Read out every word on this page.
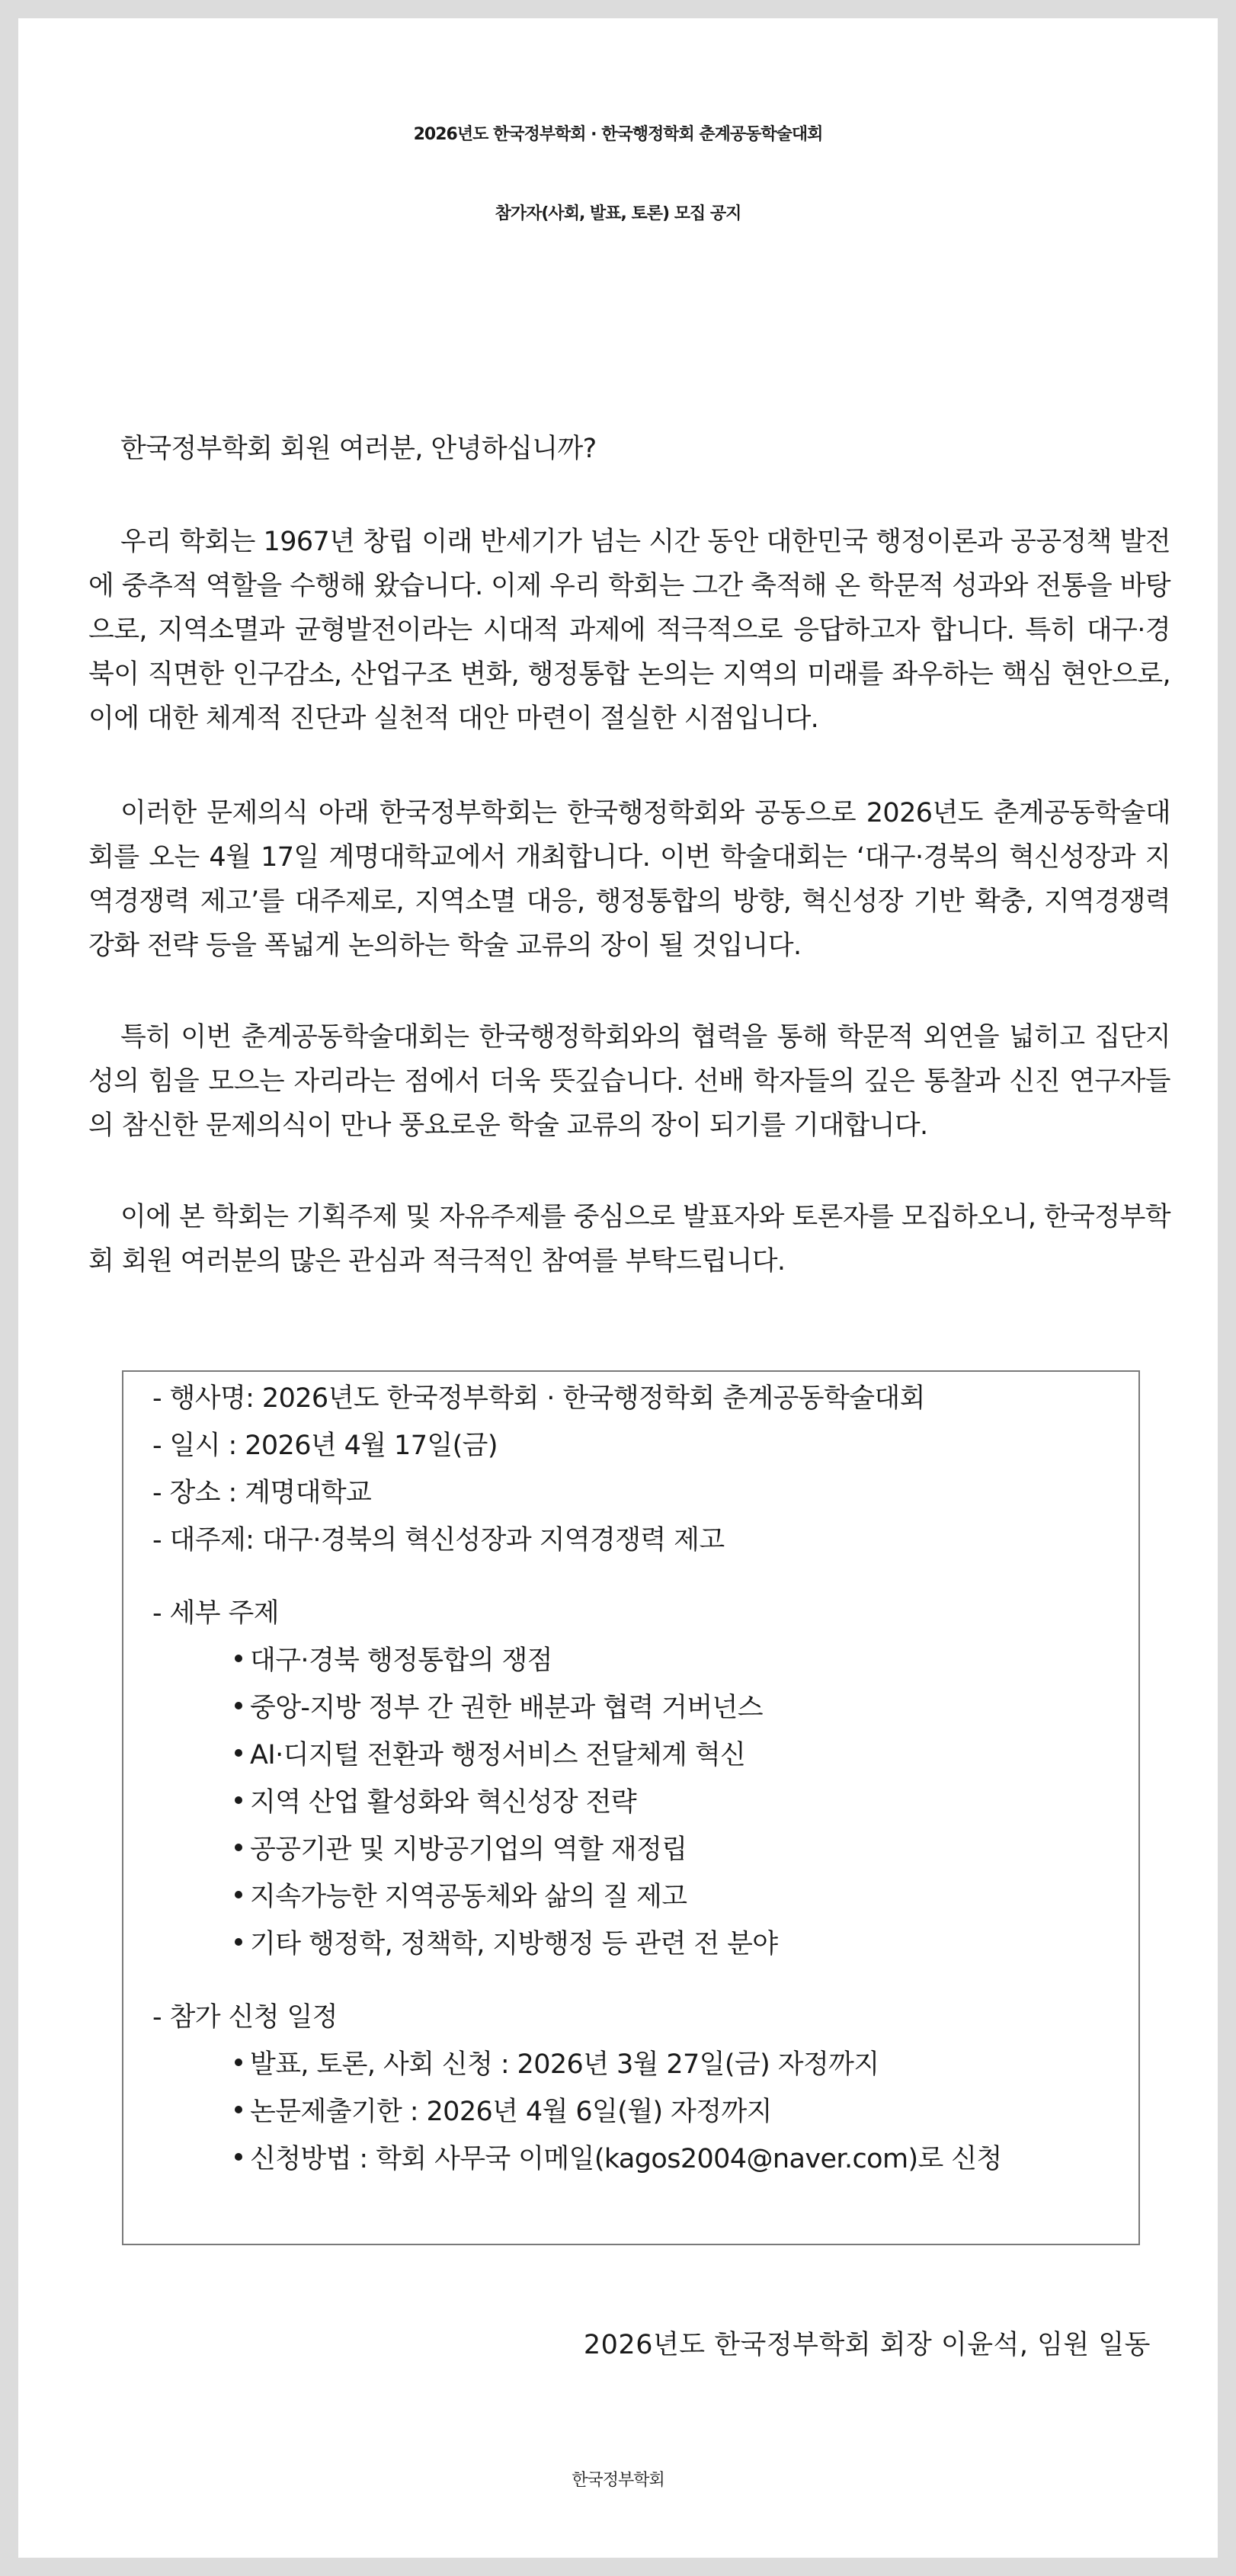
2026년도 한국정부학회 · 한국행정학회 춘계공동학술대회
참가자(사회, 발표, 토론) 모집 공지

한국정부학회 회원 여러분, 안녕하십니까?

우리 학회는 1967년 창립 이래 반세기가 넘는 시간 동안 대한민국 행정이론과 공공정책 발전에 중추적 역할을 수행해 왔습니다. 이제 우리 학회는 그간 축적해 온 학문적 성과와 전통을 바탕으로, 지역소멸과 균형발전이라는 시대적 과제에 적극적으로 응답하고자 합니다. 특히 대구·경북이 직면한 인구감소, 산업구조 변화, 행정통합 논의는 지역의 미래를 좌우하는 핵심 현안으로, 이에 대한 체계적 진단과 실천적 대안 마련이 절실한 시점입니다.

이러한 문제의식 아래 한국정부학회는 한국행정학회와 공동으로 2026년도 춘계공동학술대회를 오는 4월 17일 계명대학교에서 개최합니다. 이번 학술대회는 ‘대구·경북의 혁신성장과 지역경쟁력 제고’를 대주제로, 지역소멸 대응, 행정통합의 방향, 혁신성장 기반 확충, 지역경쟁력 강화 전략 등을 폭넓게 논의하는 학술 교류의 장이 될 것입니다.

특히 이번 춘계공동학술대회는 한국행정학회와의 협력을 통해 학문적 외연을 넓히고 집단지성의 힘을 모으는 자리라는 점에서 더욱 뜻깊습니다. 선배 학자들의 깊은 통찰과 신진 연구자들의 참신한 문제의식이 만나 풍요로운 학술 교류의 장이 되기를 기대합니다.

이에 본 학회는 기획주제 및 자유주제를 중심으로 발표자와 토론자를 모집하오니, 한국정부학회 회원 여러분의 많은 관심과 적극적인 참여를 부탁드립니다.

- 행사명: 2026년도 한국정부학회 · 한국행정학회 춘계공동학술대회
- 일시 : 2026년 4월 17일(금)
- 장소 : 계명대학교
- 대주제: 대구·경북의 혁신성장과 지역경쟁력 제고
- 세부 주제
대구·경북 행정통합의 쟁점
중앙-지방 정부 간 권한 배분과 협력 거버넌스
AI·디지털 전환과 행정서비스 전달체계 혁신
지역 산업 활성화와 혁신성장 전략
공공기관 및 지방공기업의 역할 재정립
지속가능한 지역공동체와 삶의 질 제고
기타 행정학, 정책학, 지방행정 등 관련 전 분야
- 참가 신청 일정
발표, 토론, 사회 신청 : 2026년 3월 27일(금) 자정까지
논문제출기한 : 2026년 4월 6일(월) 자정까지
신청방법 : 학회 사무국 이메일(kagos2004@naver.com)로 신청

2026년도 한국정부학회 회장 이윤석, 임원 일동

한국정부학회
